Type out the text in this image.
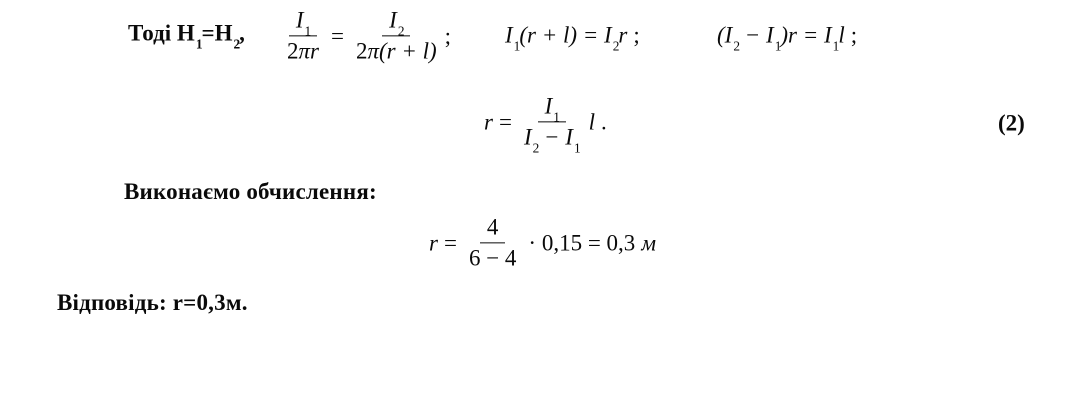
Тоді $Н_1=Н_2$, $\frac{I_1}{2\pi r} = \frac{I_2}{2\pi(r + l)}$ ; $I_1(r + l) = I_2r$ ;	$(I_2 - I_1)r = I_1l$ ;
$r = \frac{I_1}{I_2 - I_1}$ l .	(2)
Виконаємо обчислення:
$r = \frac{4}{6 - 4} \cdot 0,15 = 0,3$ м
Відповідь: r=0,3м.
